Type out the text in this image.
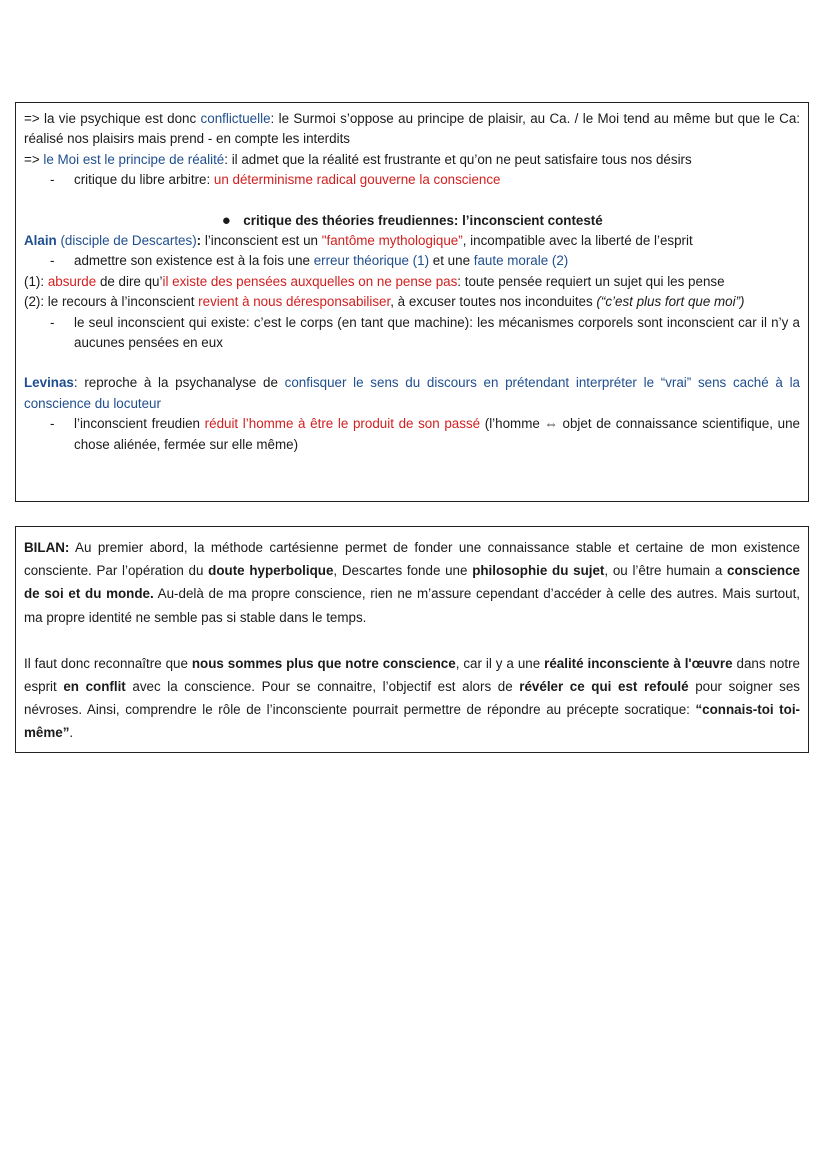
=> la vie psychique est donc conflictuelle: le Surmoi s’oppose au principe de plaisir, au Ca. / le Moi tend au même but que le Ca: réalisé nos plaisirs mais prend - en compte les interdits

=> le Moi est le principe de réalité: il admet que la réalité est frustrante et qu’on ne peut satisfaire tous nos désirs

- critique du libre arbitre: un déterminisme radical gouverne la conscience

● critique des théories freudiennes: l’inconscient contesté

Alain (disciple de Descartes): l’inconscient est un "fantôme mythologique”, incompatible avec la liberté de l’esprit

- admettre son existence est à la fois une erreur théorique (1) et une faute morale (2)

(1): absurde de dire qu’il existe des pensées auxquelles on ne pense pas: toute pensée requiert un sujet qui les pense

(2): le recours à l’inconscient revient à nous déresponsabiliser, à excuser toutes nos inconduites (“c’est plus fort que moi”)

- le seul inconscient qui existe: c’est le corps (en tant que machine): les mécanismes corporels sont inconscient car il n’y a aucunes pensées en eux

Levinas: reproche à la psychanalyse de confisquer le sens du discours en prétendant interpréter le “vrai” sens caché à la conscience du locuteur

- l’inconscient freudien réduit l’homme à être le produit de son passé (l’homme ⇔ objet de connaissance scientifique, une chose aliénée, fermée sur elle même)

BILAN: Au premier abord, la méthode cartésienne permet de fonder une connaissance stable et certaine de mon existence consciente. Par l’opération du doute hyperbolique, Descartes fonde une philosophie du sujet, ou l’être humain a conscience de soi et du monde. Au-delà de ma propre conscience, rien ne m’assure cependant d’accéder à celle des autres. Mais surtout, ma propre identité ne semble pas si stable dans le temps.

Il faut donc reconnaître que nous sommes plus que notre conscience, car il y a une réalité inconsciente à l'œuvre dans notre esprit en conflit avec la conscience. Pour se connaitre, l’objectif est alors de révéler ce qui est refoulé pour soigner ses névroses. Ainsi, comprendre le rôle de l’inconsciente pourrait permettre de répondre au précepte socratique: “connais-toi toi-même”.
